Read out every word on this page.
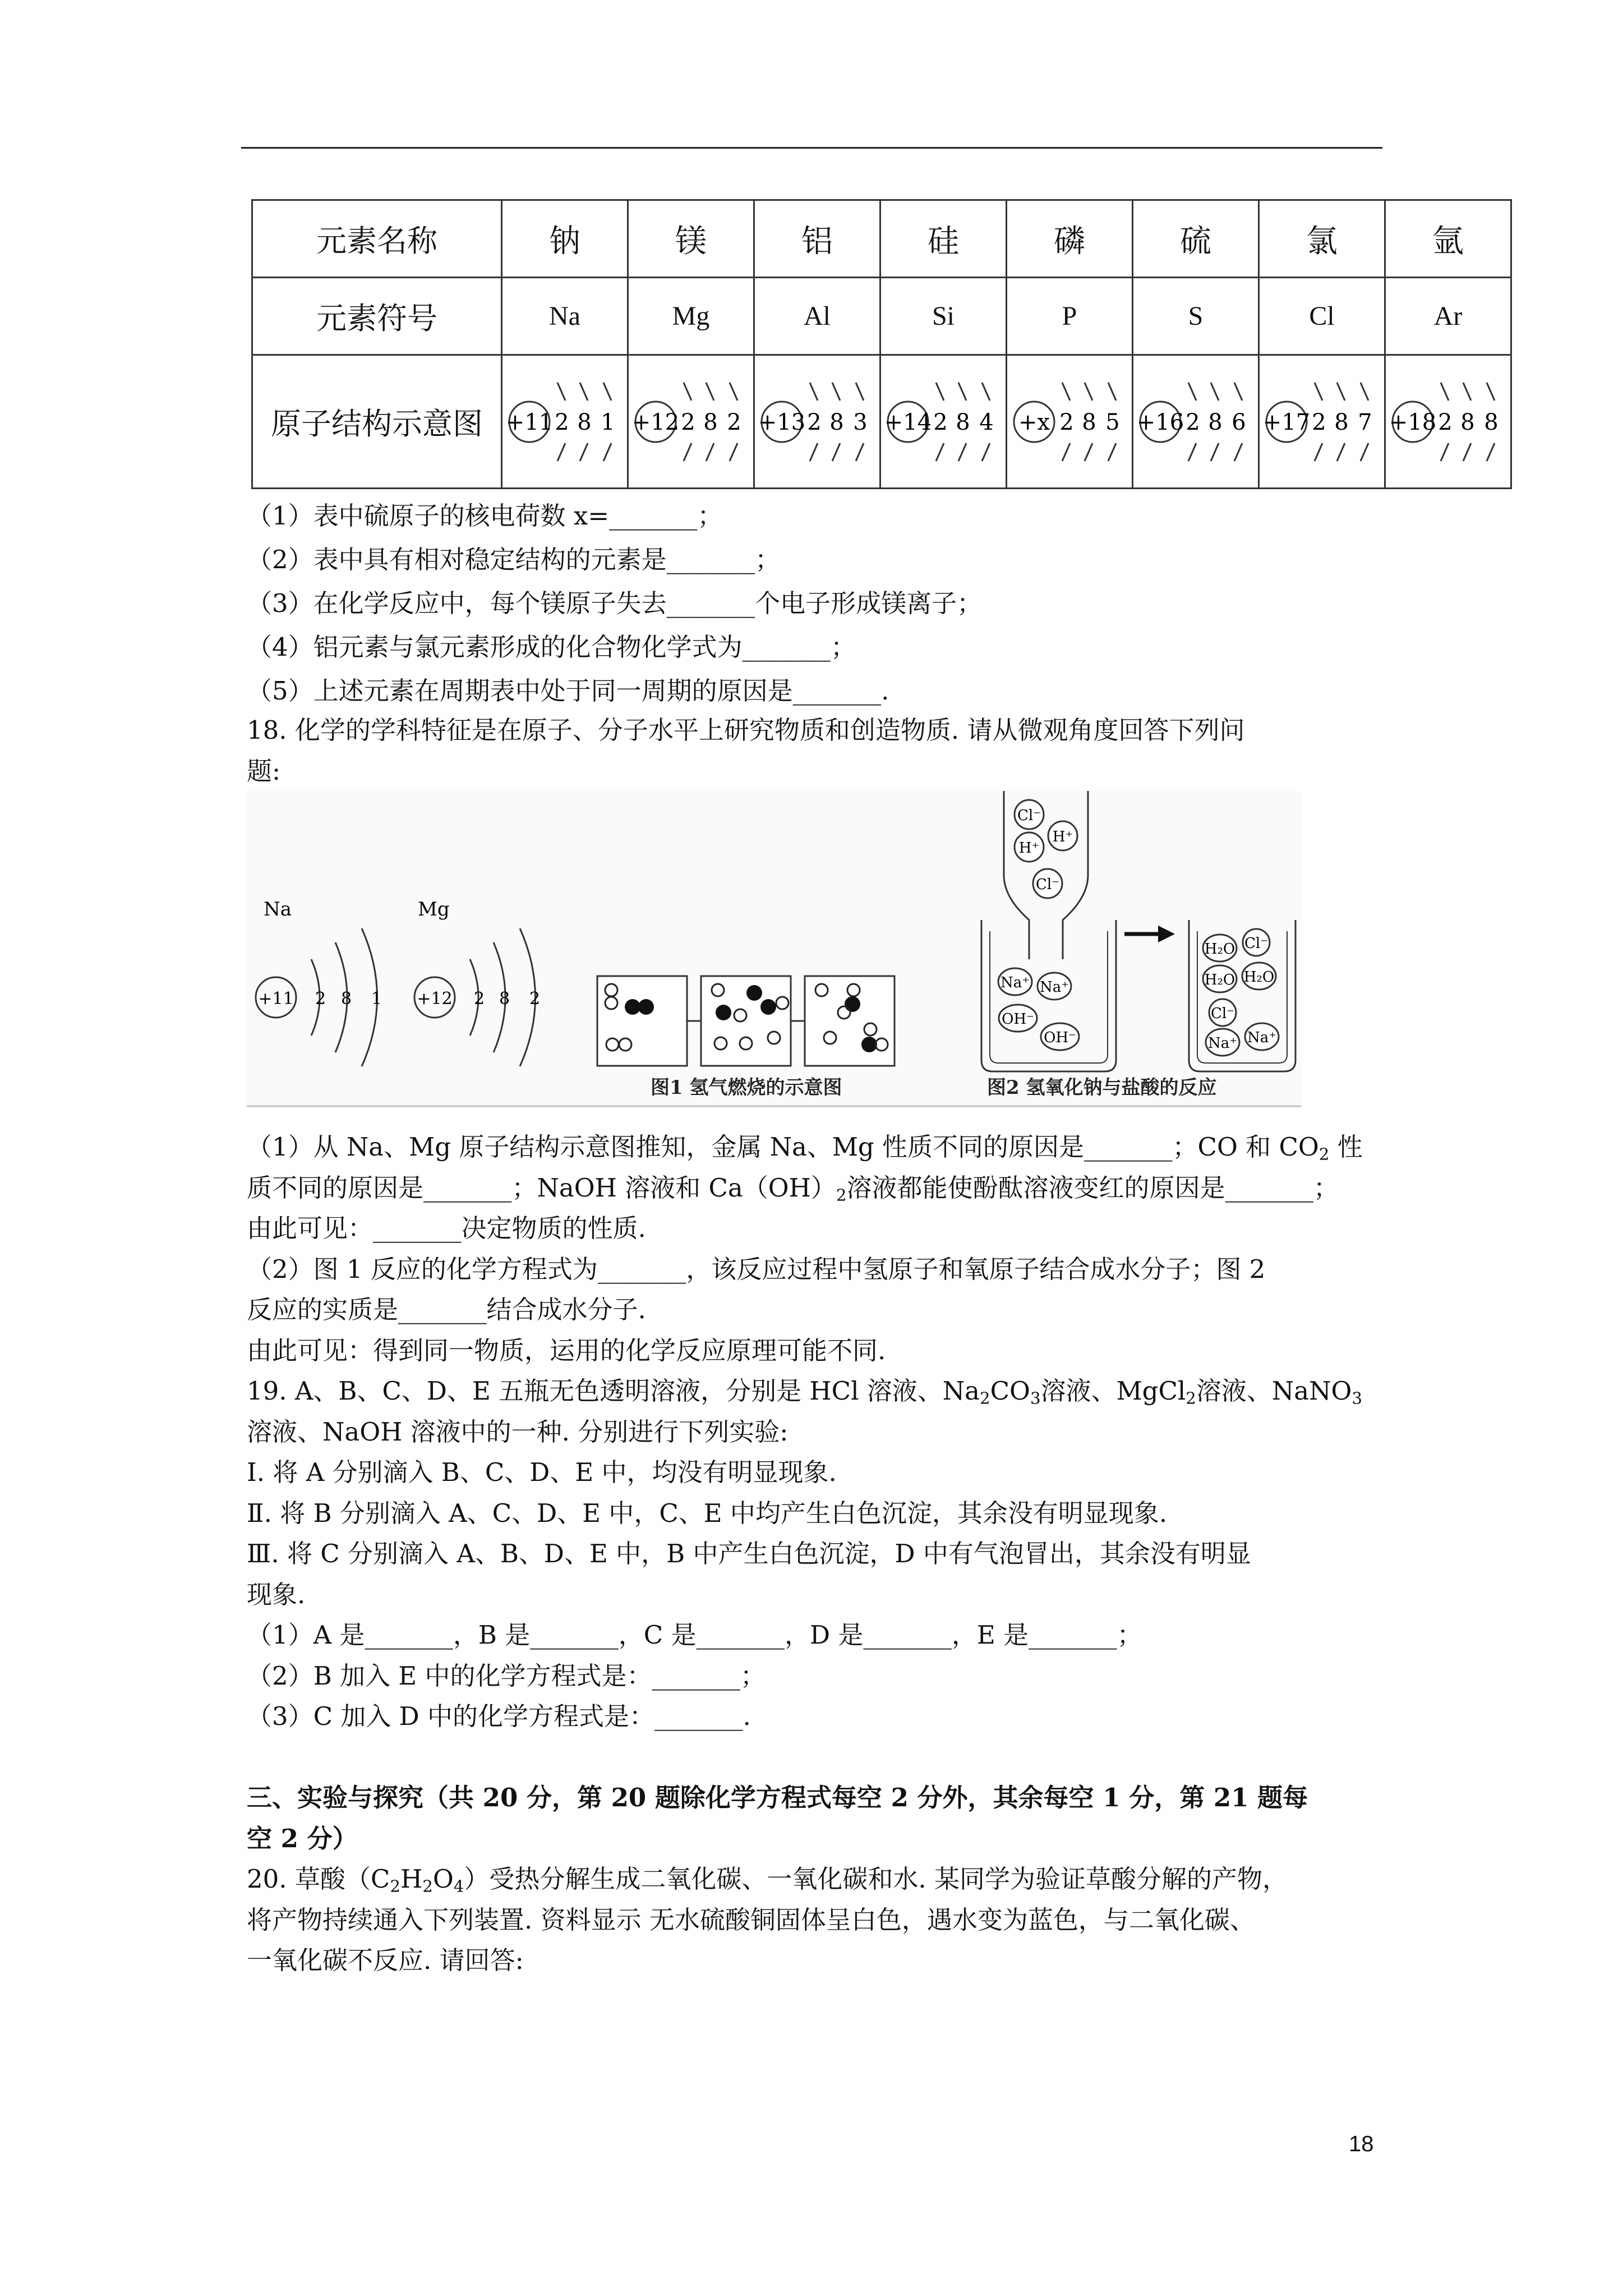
元素名称	钠	镁	铝	硅	磷	硫	氯	氩
元素符号	Na	Mg	Al	Si	P	S	Cl	Ar
原子结构示意图	+11 2 8 1	+12 2 8 2	+13 2 8 3	+14 2 8 4	+x 2 8 5	+16 2 8 6	+17 2 8 7	+18 2 8 8
（1）表中硫原子的核电荷数 x=_______；
（2）表中具有相对稳定结构的元素是_______；
（3）在化学反应中，每个镁原子失去_______个电子形成镁离子；
（4）铝元素与氯元素形成的化合物化学式为_______；
（5）上述元素在周期表中处于同一周期的原因是_______.
18. 化学的学科特征是在原子、分子水平上研究物质和创造物质. 请从微观角度回答下列问
题:
Na
+11 2 8 1
Mg
+12 2 8 2
图1 氢气燃烧的示意图
Cl⁻
H⁺
H⁺
Cl⁻
Na⁺ Na⁺
OH⁻
OH⁻
H₂O Cl⁻
H₂O H₂O
Cl⁻
Na⁺ Na⁺
图2 氢氧化钠与盐酸的反应
（1）从 Na、Mg 原子结构示意图推知，金属 Na、Mg 性质不同的原因是_______；CO 和 $CO_2$ 性
质不同的原因是_______；NaOH 溶液和 $Ca(OH)_2$溶液都能使酚酞溶液变红的原因是_______；
由此可见：_______决定物质的性质.
（2）图 1 反应的化学方程式为_______，该反应过程中氢原子和氧原子结合成水分子；图 2
反应的实质是_______结合成水分子.
由此可见：得到同一物质，运用的化学反应原理可能不同.
19. A、B、C、D、E 五瓶无色透明溶液，分别是 HCl 溶液、$Na_2CO_3$溶液、MgCl$_2$溶液、NaNO$_3$
溶液、NaOH 溶液中的一种. 分别进行下列实验:
Ⅰ. 将 A 分别滴入 B、C、D、E 中，均没有明显现象.
Ⅱ. 将 B 分别滴入 A、C、D、E 中，C、E 中均产生白色沉淀，其余没有明显现象.
Ⅲ. 将 C 分别滴入 A、B、D、E 中，B 中产生白色沉淀，D 中有气泡冒出，其余没有明显
现象.
（1）A 是_______，B 是_______，C 是_______，D 是_______，E 是_______；
（2）B 加入 E 中的化学方程式是：_______；
（3）C 加入 D 中的化学方程式是：_______.
三、实验与探究（共 20 分，第 20 题除化学方程式每空 2 分外，其余每空 1 分，第 21 题每
空 2 分）
20. 草酸$(C_2H_2O_4)$受热分解生成二氧化碳、一氧化碳和水. 某同学为验证草酸分解的产物，
将产物持续通入下列装置. 资料显示 无水硫酸铜固体呈白色，遇水变为蓝色，与二氧化碳、
一氧化碳不反应. 请回答:
18
